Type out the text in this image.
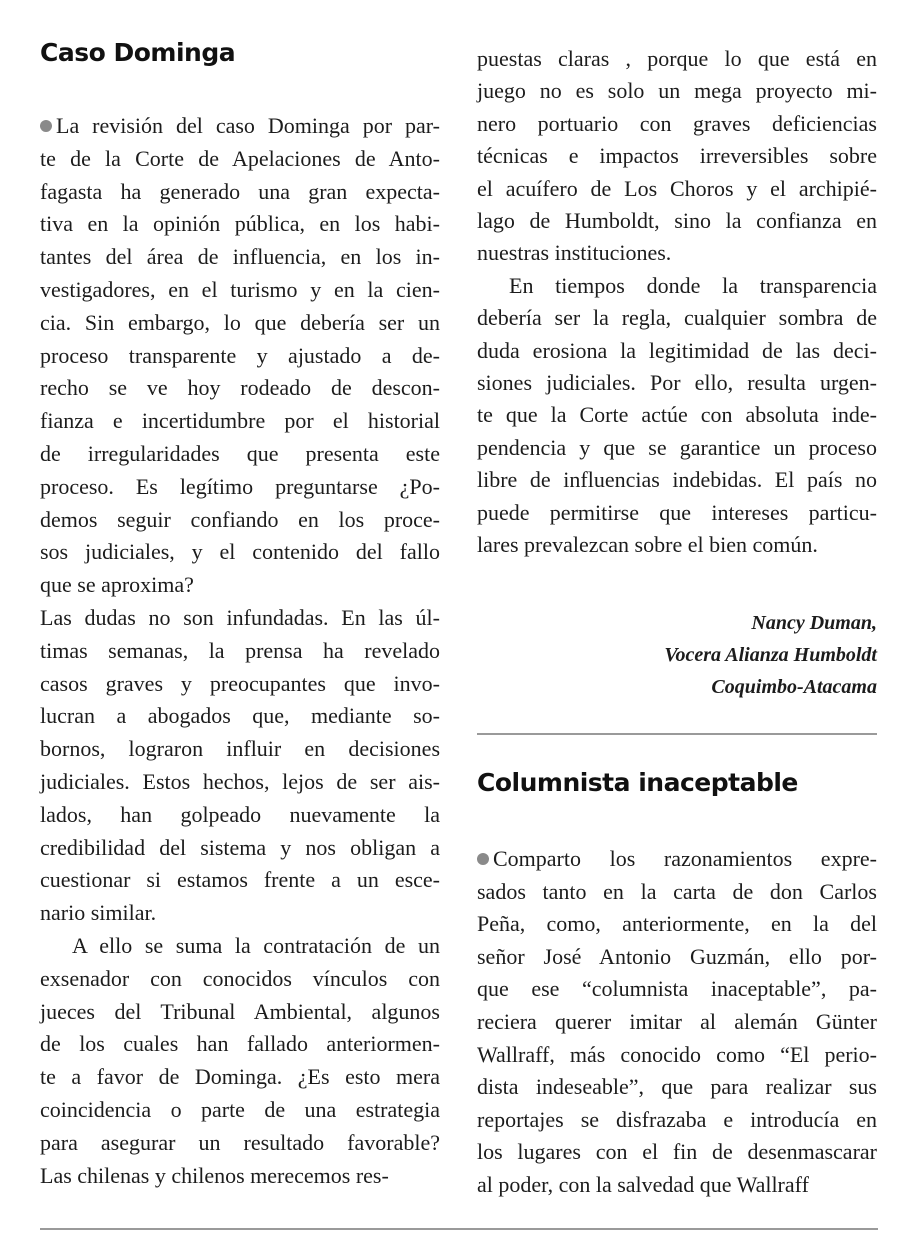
Caso Dominga
La revisión del caso Dominga por par-
te de la Corte de Apelaciones de Anto-
fagasta ha generado una gran expecta-
tiva en la opinión pública, en los habi-
tantes del área de influencia, en los in-
vestigadores, en el turismo y en la cien-
cia. Sin embargo, lo que debería ser un
proceso transparente y ajustado a de-
recho se ve hoy rodeado de descon-
fianza e incertidumbre por el historial
de irregularidades que presenta este
proceso. Es legítimo preguntarse ¿Po-
demos seguir confiando en los proce-
sos judiciales, y el contenido del fallo
que se aproxima?
Las dudas no son infundadas. En las úl-
timas semanas, la prensa ha revelado
casos graves y preocupantes que invo-
lucran a abogados que, mediante so-
bornos, lograron influir en decisiones
judiciales. Estos hechos, lejos de ser ais-
lados, han golpeado nuevamente la
credibilidad del sistema y nos obligan a
cuestionar si estamos frente a un esce-
nario similar.
A ello se suma la contratación de un
exsenador con conocidos vínculos con
jueces del Tribunal Ambiental, algunos
de los cuales han fallado anteriormen-
te a favor de Dominga. ¿Es esto mera
coincidencia o parte de una estrategia
para asegurar un resultado favorable?
Las chilenas y chilenos merecemos res-
puestas claras , porque lo que está en
juego no es solo un mega proyecto mi-
nero portuario con graves deficiencias
técnicas e impactos irreversibles sobre
el acuífero de Los Choros y el archipié-
lago de Humboldt, sino la confianza en
nuestras instituciones.
En tiempos donde la transparencia
debería ser la regla, cualquier sombra de
duda erosiona la legitimidad de las deci-
siones judiciales. Por ello, resulta urgen-
te que la Corte actúe con absoluta inde-
pendencia y que se garantice un proceso
libre de influencias indebidas. El país no
puede permitirse que intereses particu-
lares prevalezcan sobre el bien común.
Nancy Duman,
Vocera Alianza Humboldt
Coquimbo-Atacama
Columnista inaceptable
Comparto los razonamientos expre-
sados tanto en la carta de don Carlos
Peña, como, anteriormente, en la del
señor José Antonio Guzmán, ello por-
que ese “columnista inaceptable”, pa-
reciera querer imitar al alemán Günter
Wallraff, más conocido como “El perio-
dista indeseable”, que para realizar sus
reportajes se disfrazaba e introducía en
los lugares con el fin de desenmascarar
al poder, con la salvedad que Wallraff
